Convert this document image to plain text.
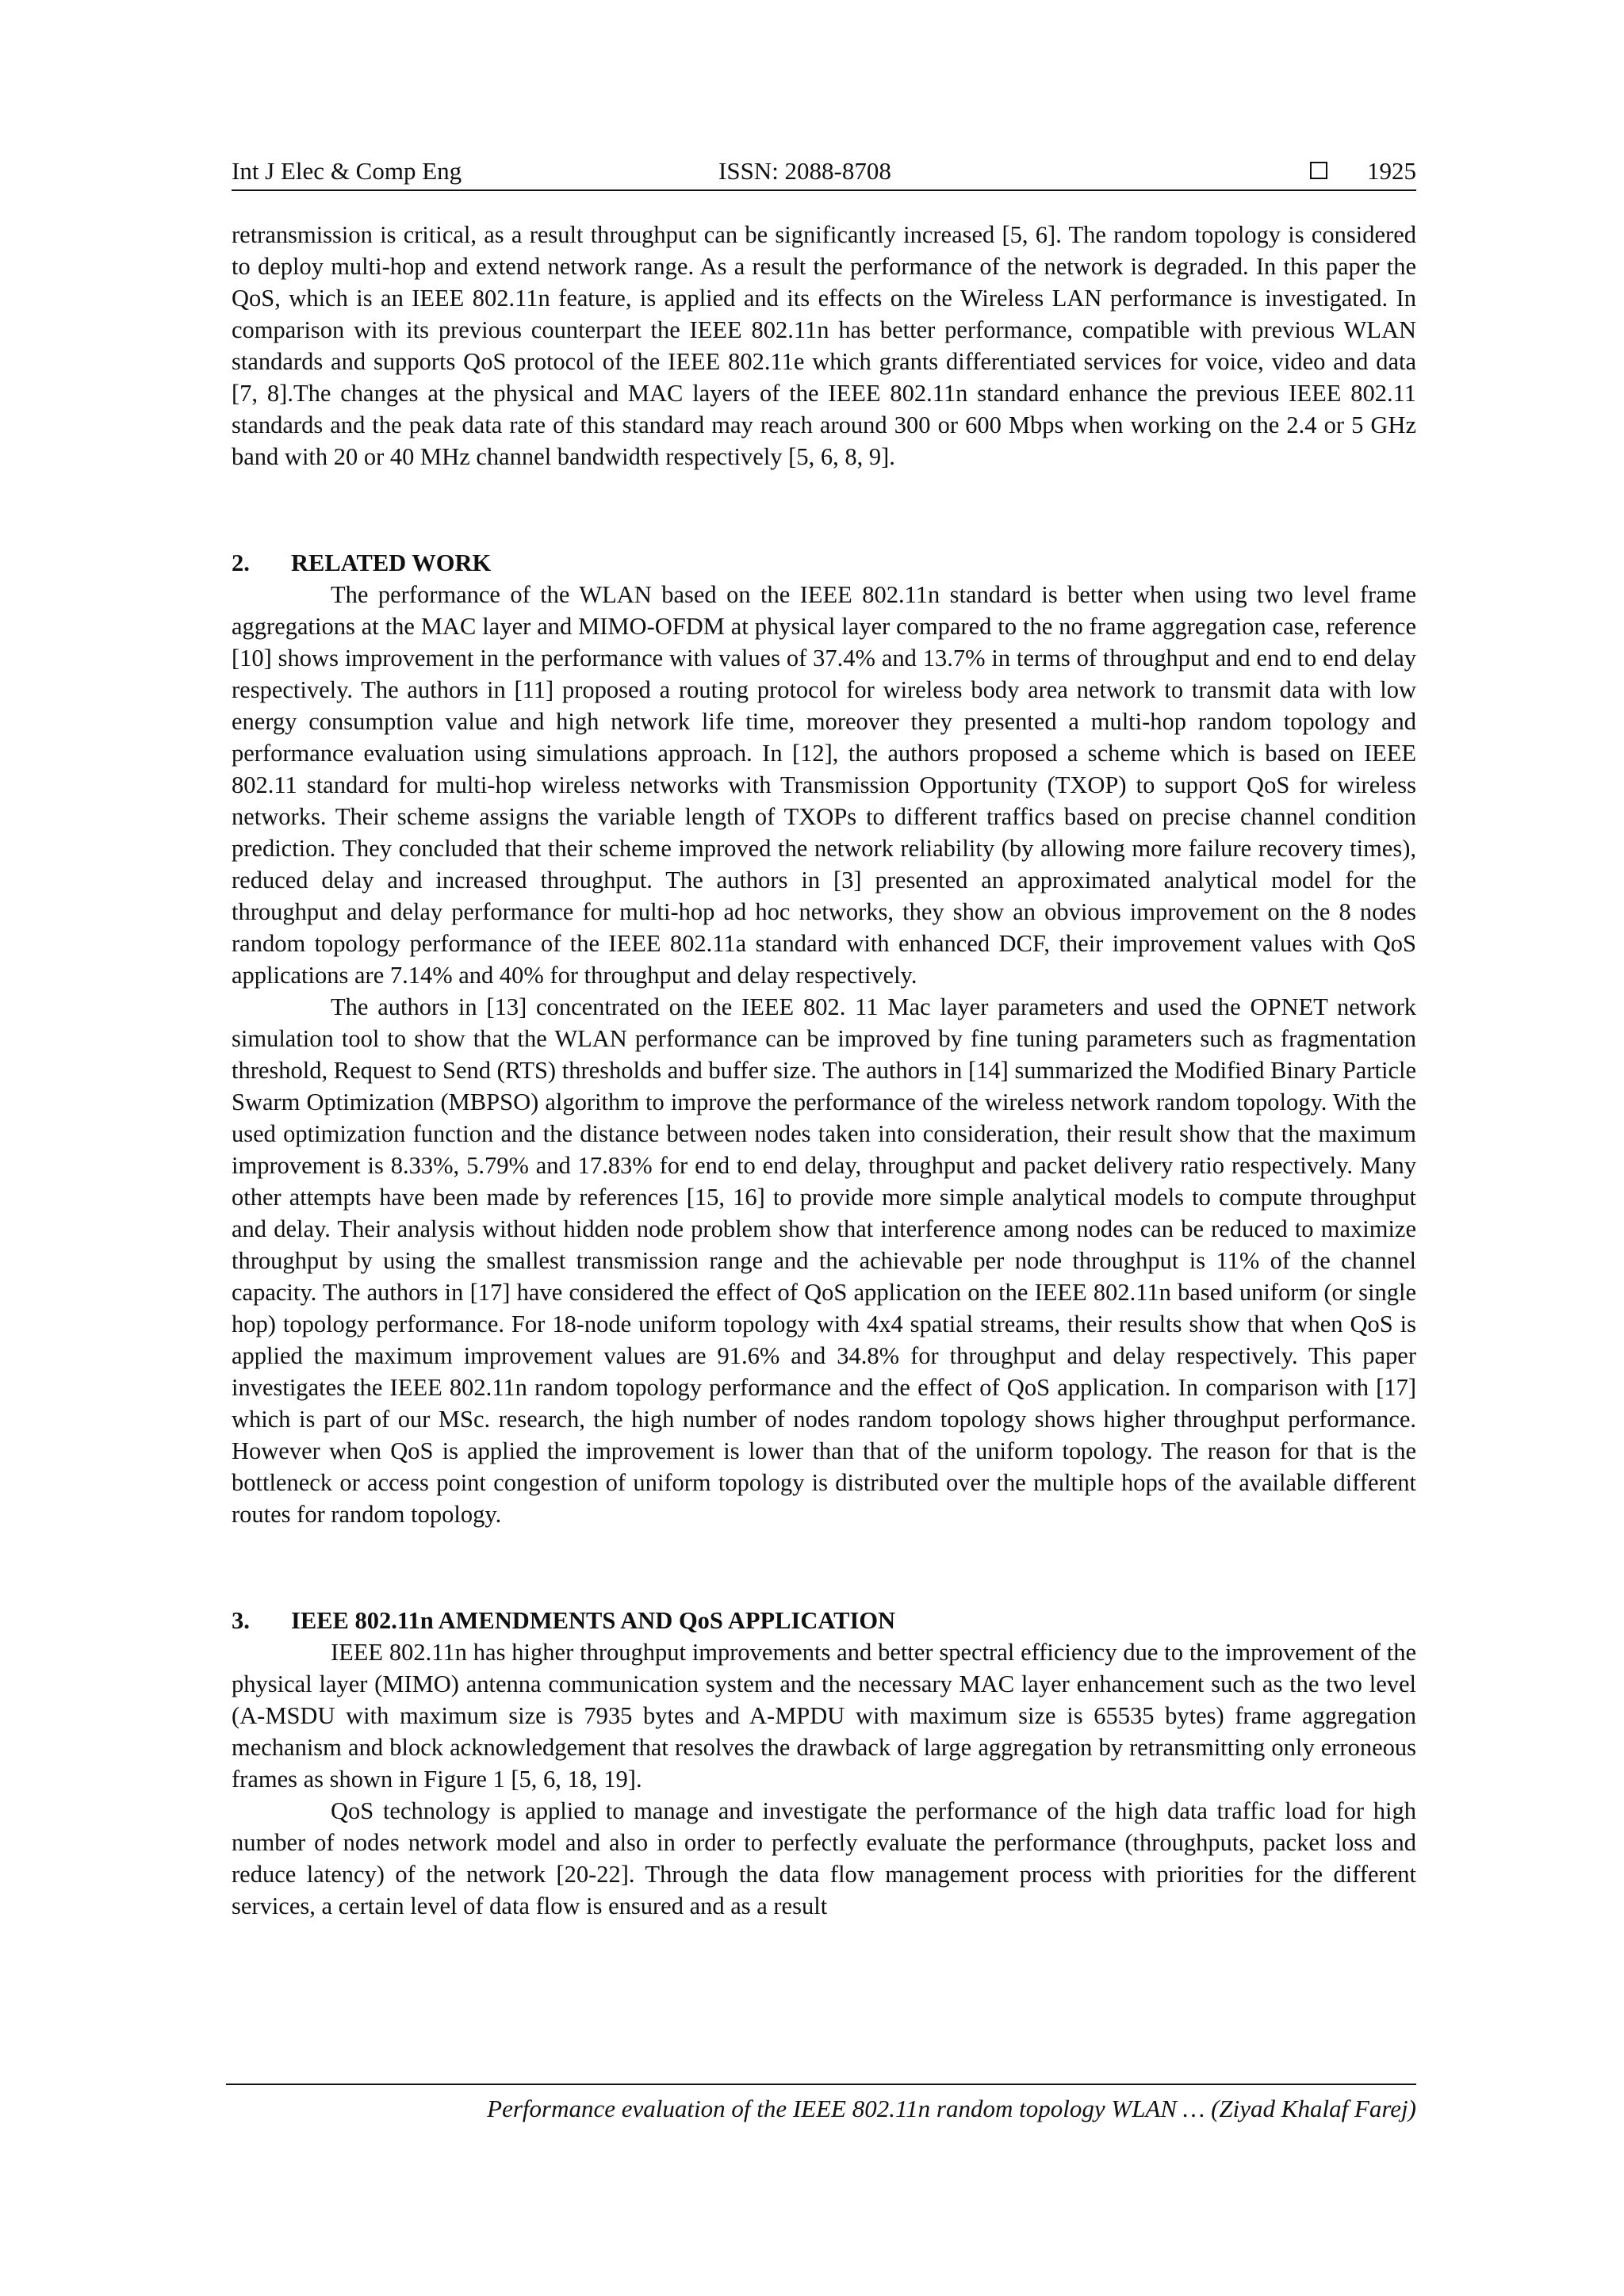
Int J Elec & Comp Eng	ISSN: 2088-8708	1925

retransmission is critical, as a result throughput can be significantly increased [5, 6]. The random topology is considered to deploy multi-hop and extend network range. As a result the performance of the network is degraded. In this paper the QoS, which is an IEEE 802.11n feature, is applied and its effects on the Wireless LAN performance is investigated. In comparison with its previous counterpart the IEEE 802.11n has better performance, compatible with previous WLAN standards and supports QoS protocol of the IEEE 802.11e which grants differentiated services for voice, video and data [7, 8].The changes at the physical and MAC layers of the IEEE 802.11n standard enhance the previous IEEE 802.11 standards and the peak data rate of this standard may reach around 300 or 600 Mbps when working on the 2.4 or 5 GHz band with 20 or 40 MHz channel bandwidth respectively [5, 6, 8, 9].

2. RELATED WORK

The performance of the WLAN based on the IEEE 802.11n standard is better when using two level frame aggregations at the MAC layer and MIMO-OFDM at physical layer compared to the no frame aggregation case, reference [10] shows improvement in the performance with values of 37.4% and 13.7% in terms of throughput and end to end delay respectively. The authors in [11] proposed a routing protocol for wireless body area network to transmit data with low energy consumption value and high network life time, moreover they presented a multi-hop random topology and performance evaluation using simulations approach. In [12], the authors proposed a scheme which is based on IEEE 802.11 standard for multi-hop wireless networks with Transmission Opportunity (TXOP) to support QoS for wireless networks. Their scheme assigns the variable length of TXOPs to different traffics based on precise channel condition prediction. They concluded that their scheme improved the network reliability (by allowing more failure recovery times), reduced delay and increased throughput. The authors in [3] presented an approximated analytical model for the throughput and delay performance for multi-hop ad hoc networks, they show an obvious improvement on the 8 nodes random topology performance of the IEEE 802.11a standard with enhanced DCF, their improvement values with QoS applications are 7.14% and 40% for throughput and delay respectively.

The authors in [13] concentrated on the IEEE 802. 11 Mac layer parameters and used the OPNET network simulation tool to show that the WLAN performance can be improved by fine tuning parameters such as fragmentation threshold, Request to Send (RTS) thresholds and buffer size. The authors in [14] summarized the Modified Binary Particle Swarm Optimization (MBPSO) algorithm to improve the performance of the wireless network random topology. With the used optimization function and the distance between nodes taken into consideration, their result show that the maximum improvement is 8.33%, 5.79% and 17.83% for end to end delay, throughput and packet delivery ratio respectively. Many other attempts have been made by references [15, 16] to provide more simple analytical models to compute throughput and delay. Their analysis without hidden node problem show that interference among nodes can be reduced to maximize throughput by using the smallest transmission range and the achievable per node throughput is 11% of the channel capacity. The authors in [17] have considered the effect of QoS application on the IEEE 802.11n based uniform (or single hop) topology performance. For 18-node uniform topology with 4x4 spatial streams, their results show that when QoS is applied the maximum improvement values are 91.6% and 34.8% for throughput and delay respectively. This paper investigates the IEEE 802.11n random topology performance and the effect of QoS application. In comparison with [17] which is part of our MSc. research, the high number of nodes random topology shows higher throughput performance. However when QoS is applied the improvement is lower than that of the uniform topology. The reason for that is the bottleneck or access point congestion of uniform topology is distributed over the multiple hops of the available different routes for random topology.

3. IEEE 802.11n AMENDMENTS AND QoS APPLICATION

IEEE 802.11n has higher throughput improvements and better spectral efficiency due to the improvement of the physical layer (MIMO) antenna communication system and the necessary MAC layer enhancement such as the two level (A-MSDU with maximum size is 7935 bytes and A-MPDU with maximum size is 65535 bytes) frame aggregation mechanism and block acknowledgement that resolves the drawback of large aggregation by retransmitting only erroneous frames as shown in Figure 1 [5, 6, 18, 19].

QoS technology is applied to manage and investigate the performance of the high data traffic load for high number of nodes network model and also in order to perfectly evaluate the performance (throughputs, packet loss and reduce latency) of the network [20-22]. Through the data flow management process with priorities for the different services, a certain level of data flow is ensured and as a result

Performance evaluation of the IEEE 802.11n random topology WLAN … (Ziyad Khalaf Farej)
